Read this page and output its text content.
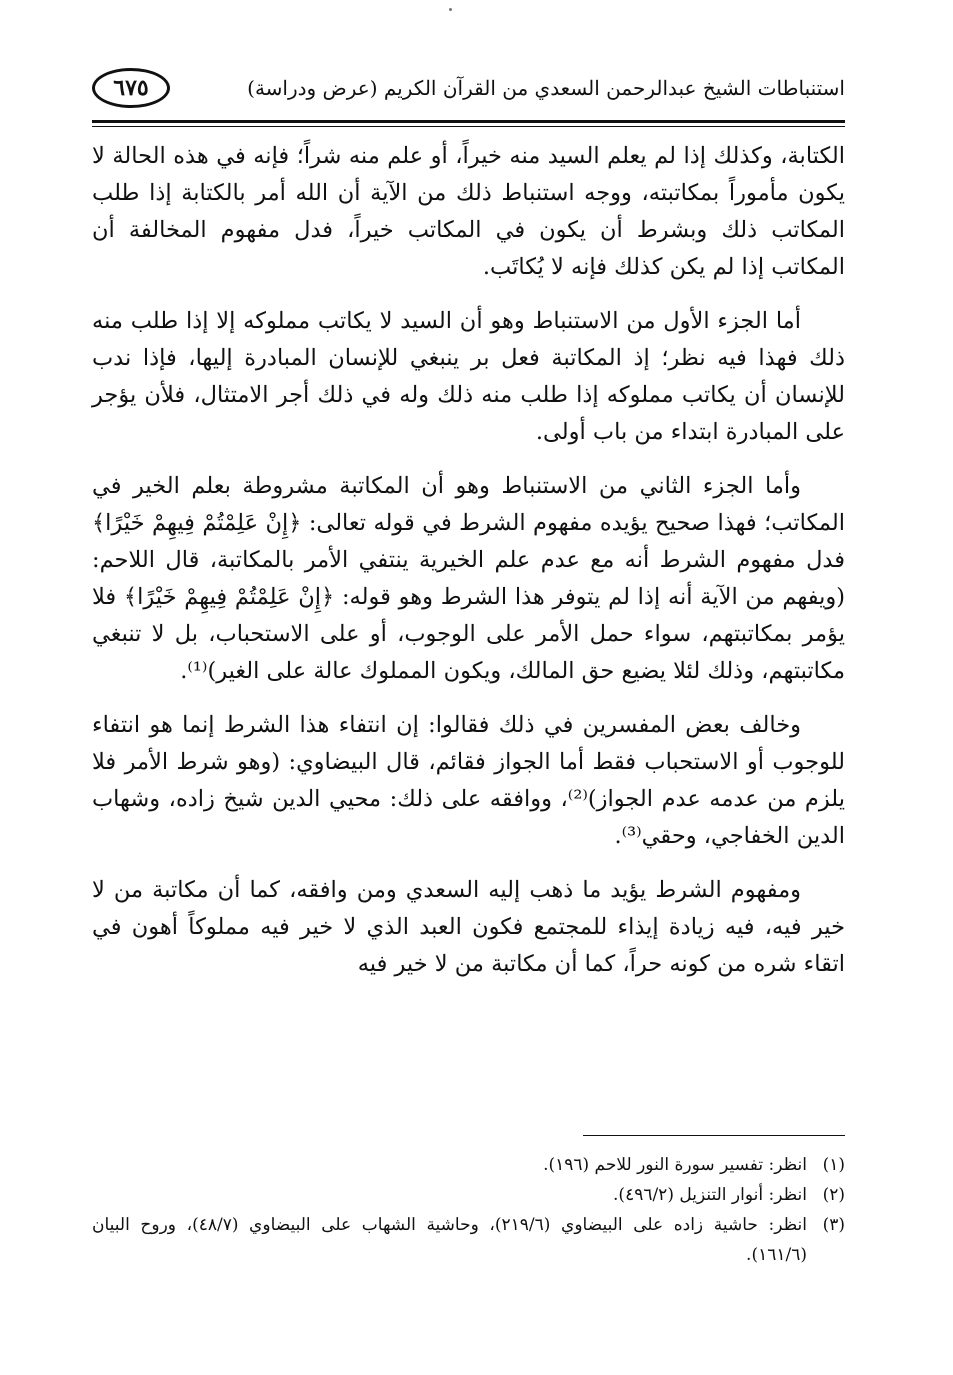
استنباطات الشيخ عبدالرحمن السعدي من القرآن الكريم (عرض ودراسة)
٦٧٥

الكتابة، وكذلك إذا لم يعلم السيد منه خيراً، أو علم منه شراً؛ فإنه في هذه الحالة لا يكون مأموراً بمكاتبته، ووجه استنباط ذلك من الآية أن الله أمر بالكتابة إذا طلب المكاتب ذلك وبشرط أن يكون في المكاتب خيراً، فدل مفهوم المخالفة أن المكاتب إذا لم يكن كذلك فإنه لا يُكاتَب.

أما الجزء الأول من الاستنباط وهو أن السيد لا يكاتب مملوكه إلا إذا طلب منه ذلك فهذا فيه نظر؛ إذ المكاتبة فعل بر ينبغي للإنسان المبادرة إليها، فإذا ندب للإنسان أن يكاتب مملوكه إذا طلب منه ذلك وله في ذلك أجر الامتثال، فلأن يؤجر على المبادرة ابتداء من باب أولى.

وأما الجزء الثاني من الاستنباط وهو أن المكاتبة مشروطة بعلم الخير في المكاتب؛ فهذا صحيح يؤيده مفهوم الشرط في قوله تعالى: ﴿إِنْ عَلِمْتُمْ فِيهِمْ خَيْرًا﴾ فدل مفهوم الشرط أنه مع عدم علم الخيرية ينتفي الأمر بالمكاتبة، قال اللاحم: (ويفهم من الآية أنه إذا لم يتوفر هذا الشرط وهو قوله: ﴿إِنْ عَلِمْتُمْ فِيهِمْ خَيْرًا﴾ فلا يؤمر بمكاتبتهم، سواء حمل الأمر على الوجوب، أو على الاستحباب، بل لا تنبغي مكاتبتهم، وذلك لئلا يضيع حق المالك، ويكون المملوك عالة على الغير)⁽¹⁾.

وخالف بعض المفسرين في ذلك فقالوا: إن انتفاء هذا الشرط إنما هو انتفاء للوجوب أو الاستحباب فقط أما الجواز فقائم، قال البيضاوي: (وهو شرط الأمر فلا يلزم من عدمه عدم الجواز)⁽²⁾، ووافقه على ذلك: محيي الدين شيخ زاده، وشهاب الدين الخفاجي، وحقي⁽³⁾.

ومفهوم الشرط يؤيد ما ذهب إليه السعدي ومن وافقه، كما أن مكاتبة من لا خير فيه، فيه زيادة إيذاء للمجتمع فكون العبد الذي لا خير فيه مملوكاً أهون في اتقاء شره من كونه حراً، كما أن مكاتبة من لا خير فيه

(١)
انظر: تفسير سورة النور للاحم (١٩٦).
(٢)
انظر: أنوار التنزيل (٤٩٦/٢).
(٣)
انظر: حاشية زاده على البيضاوي (٢١٩/٦)، وحاشية الشهاب على البيضاوي (٤٨/٧)، وروح البيان (١٦١/٦).
